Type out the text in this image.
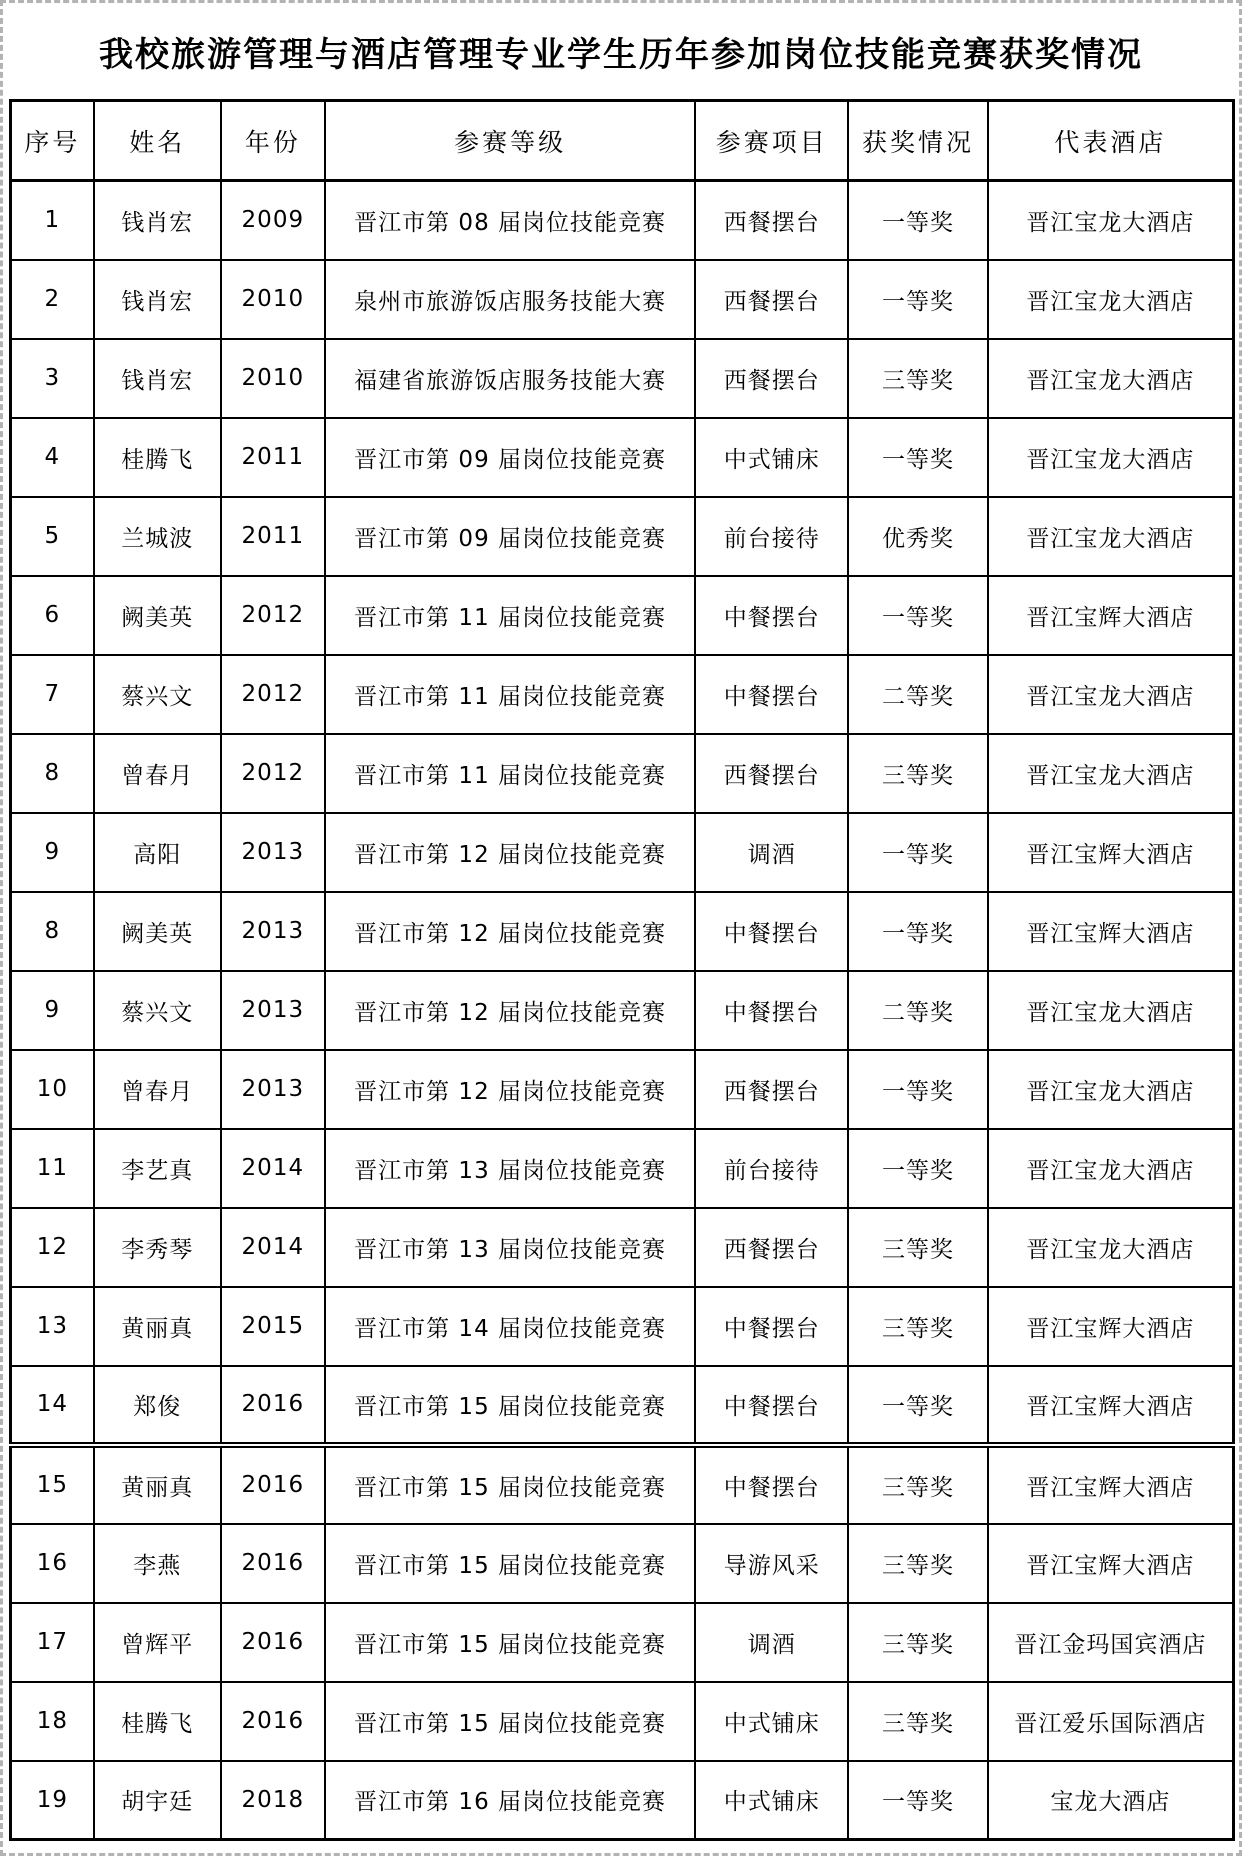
我校旅游管理与酒店管理专业学生历年参加岗位技能竞赛获奖情况
序号	姓名	年份	参赛等级	参赛项目	获奖情况	代表酒店
1	钱肖宏	2009	晋江市第 08 届岗位技能竞赛	西餐摆台	一等奖	晋江宝龙大酒店
2	钱肖宏	2010	泉州市旅游饭店服务技能大赛	西餐摆台	一等奖	晋江宝龙大酒店
3	钱肖宏	2010	福建省旅游饭店服务技能大赛	西餐摆台	三等奖	晋江宝龙大酒店
4	桂腾飞	2011	晋江市第 09 届岗位技能竞赛	中式铺床	一等奖	晋江宝龙大酒店
5	兰城波	2011	晋江市第 09 届岗位技能竞赛	前台接待	优秀奖	晋江宝龙大酒店
6	阙美英	2012	晋江市第 11 届岗位技能竞赛	中餐摆台	一等奖	晋江宝辉大酒店
7	蔡兴文	2012	晋江市第 11 届岗位技能竞赛	中餐摆台	二等奖	晋江宝龙大酒店
8	曾春月	2012	晋江市第 11 届岗位技能竞赛	西餐摆台	三等奖	晋江宝龙大酒店
9	高阳	2013	晋江市第 12 届岗位技能竞赛	调酒	一等奖	晋江宝辉大酒店
8	阙美英	2013	晋江市第 12 届岗位技能竞赛	中餐摆台	一等奖	晋江宝辉大酒店
9	蔡兴文	2013	晋江市第 12 届岗位技能竞赛	中餐摆台	二等奖	晋江宝龙大酒店
10	曾春月	2013	晋江市第 12 届岗位技能竞赛	西餐摆台	一等奖	晋江宝龙大酒店
11	李艺真	2014	晋江市第 13 届岗位技能竞赛	前台接待	一等奖	晋江宝龙大酒店
12	李秀琴	2014	晋江市第 13 届岗位技能竞赛	西餐摆台	三等奖	晋江宝龙大酒店
13	黄丽真	2015	晋江市第 14 届岗位技能竞赛	中餐摆台	三等奖	晋江宝辉大酒店
14	郑俊	2016	晋江市第 15 届岗位技能竞赛	中餐摆台	一等奖	晋江宝辉大酒店
15	黄丽真	2016	晋江市第 15 届岗位技能竞赛	中餐摆台	三等奖	晋江宝辉大酒店
16	李燕	2016	晋江市第 15 届岗位技能竞赛	导游风采	三等奖	晋江宝辉大酒店
17	曾辉平	2016	晋江市第 15 届岗位技能竞赛	调酒	三等奖	晋江金玛国宾酒店
18	桂腾飞	2016	晋江市第 15 届岗位技能竞赛	中式铺床	三等奖	晋江爱乐国际酒店
19	胡宇廷	2018	晋江市第 16 届岗位技能竞赛	中式铺床	一等奖	宝龙大酒店
